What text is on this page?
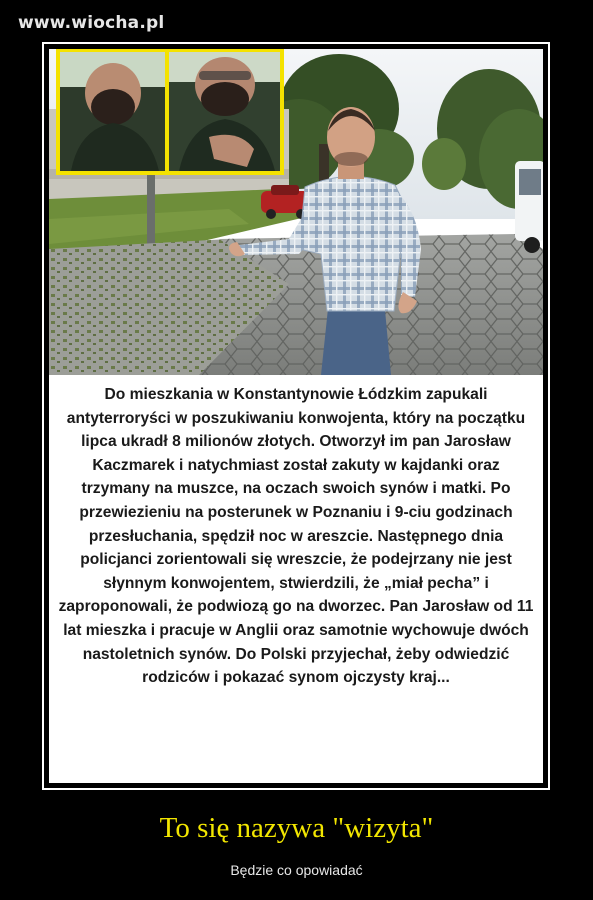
www.wiocha.pl

Do mieszkania w Konstantynowie Łódzkim zapukali antyterroryści w poszukiwaniu konwojenta, który na początku lipca ukradł 8 milionów złotych. Otworzył im pan Jarosław Kaczmarek i natychmiast został zakuty w kajdanki oraz trzymany na muszce, na oczach swoich synów i matki. Po przewiezieniu na posterunek w Poznaniu i 9-ciu godzinach przesłuchania, spędził noc w areszcie. Następnego dnia policjanci zorientowali się wreszcie, że podejrzany nie jest słynnym konwojentem, stwierdzili, że „miał pecha” i zaproponowali, że podwiozą go na dworzec. Pan Jarosław od 11 lat mieszka i pracuje w Anglii oraz samotnie wychowuje dwóch nastoletnich synów. Do Polski przyjechał, żeby odwiedzić rodziców i pokazać synom ojczysty kraj...

To się nazywa "wizyta"

Będzie co opowiadać
